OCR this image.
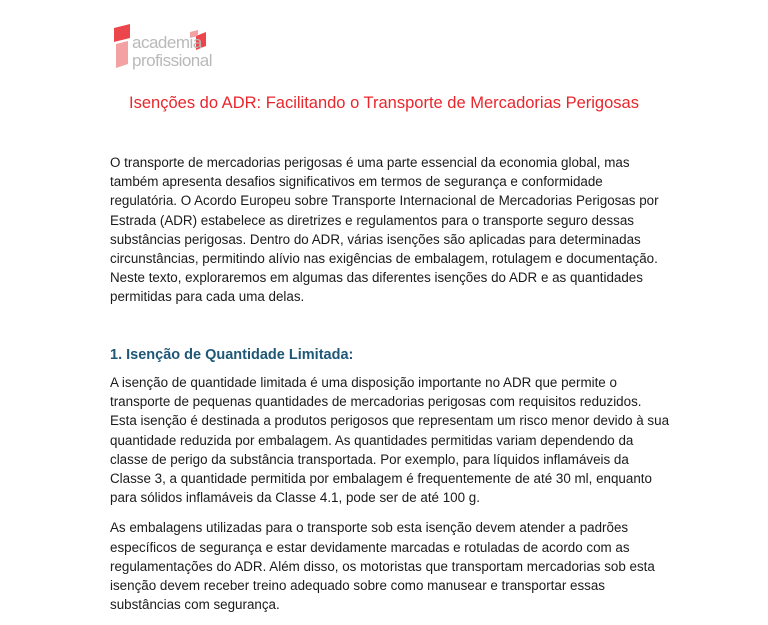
academia
profissional
Isenções do ADR: Facilitando o Transporte de Mercadorias Perigosas

O transporte de mercadorias perigosas é uma parte essencial da economia global, mas também apresenta desafios significativos em termos de segurança e conformidade regulatória. O Acordo Europeu sobre Transporte Internacional de Mercadorias Perigosas por Estrada (ADR) estabelece as diretrizes e regulamentos para o transporte seguro dessas substâncias perigosas. Dentro do ADR, várias isenções são aplicadas para determinadas circunstâncias, permitindo alívio nas exigências de embalagem, rotulagem e documentação. Neste texto, exploraremos em algumas das diferentes isenções do ADR e as quantidades permitidas para cada uma delas.

1. Isenção de Quantidade Limitada:

A isenção de quantidade limitada é uma disposição importante no ADR que permite o transporte de pequenas quantidades de mercadorias perigosas com requisitos reduzidos. Esta isenção é destinada a produtos perigosos que representam um risco menor devido à sua quantidade reduzida por embalagem. As quantidades permitidas variam dependendo da classe de perigo da substância transportada. Por exemplo, para líquidos inflamáveis da Classe 3, a quantidade permitida por embalagem é frequentemente de até 30 ml, enquanto para sólidos inflamáveis da Classe 4.1, pode ser de até 100 g.

As embalagens utilizadas para o transporte sob esta isenção devem atender a padrões específicos de segurança e estar devidamente marcadas e rotuladas de acordo com as regulamentações do ADR. Além disso, os motoristas que transportam mercadorias sob esta isenção devem receber treino adequado sobre como manusear e transportar essas substâncias com segurança.
